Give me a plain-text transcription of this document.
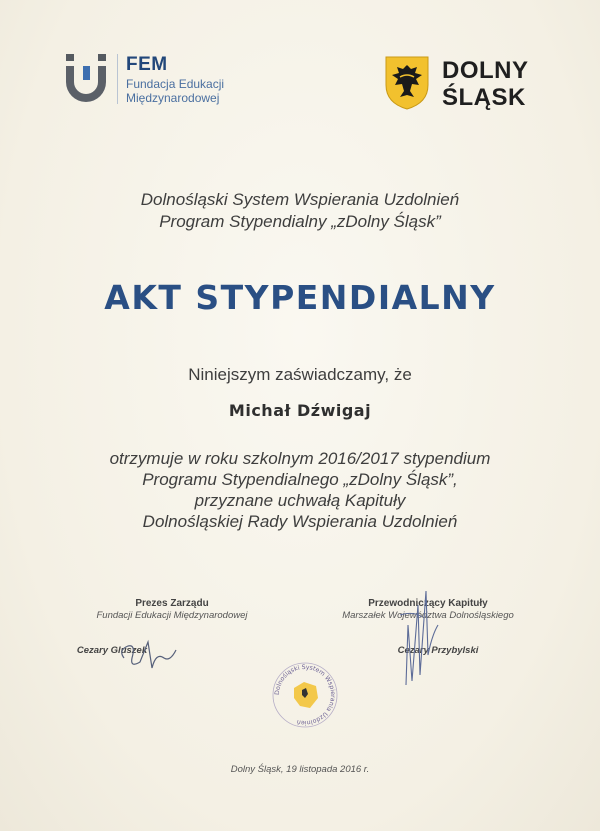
FEM
Fundacja Edukacji
Międzynarodowej
DOLNY
ŚLĄSK
Dolnośląski System Wspierania Uzdolnień
Program Stypendialny „zDolny Śląsk”
AKT STYPENDIALNY
Niniejszym zaświadczamy, że
Michał Dźwigaj
otrzymuje w roku szkolnym 2016/2017 stypendium
Programu Stypendialnego „zDolny Śląsk”,
przyznane uchwałą Kapituły
Dolnośląskiej Rady Wspierania Uzdolnień
Prezes Zarządu
Fundacji Edukacji Międzynarodowej
Cezary Gluszek
Przewodniczący Kapituły
Marszałek Województwa Dolnośląskiego
Cezary Przybylski
Dolnośląski System Wspierania Uzdolnień
Dolny Śląsk, 19 listopada 2016 r.
